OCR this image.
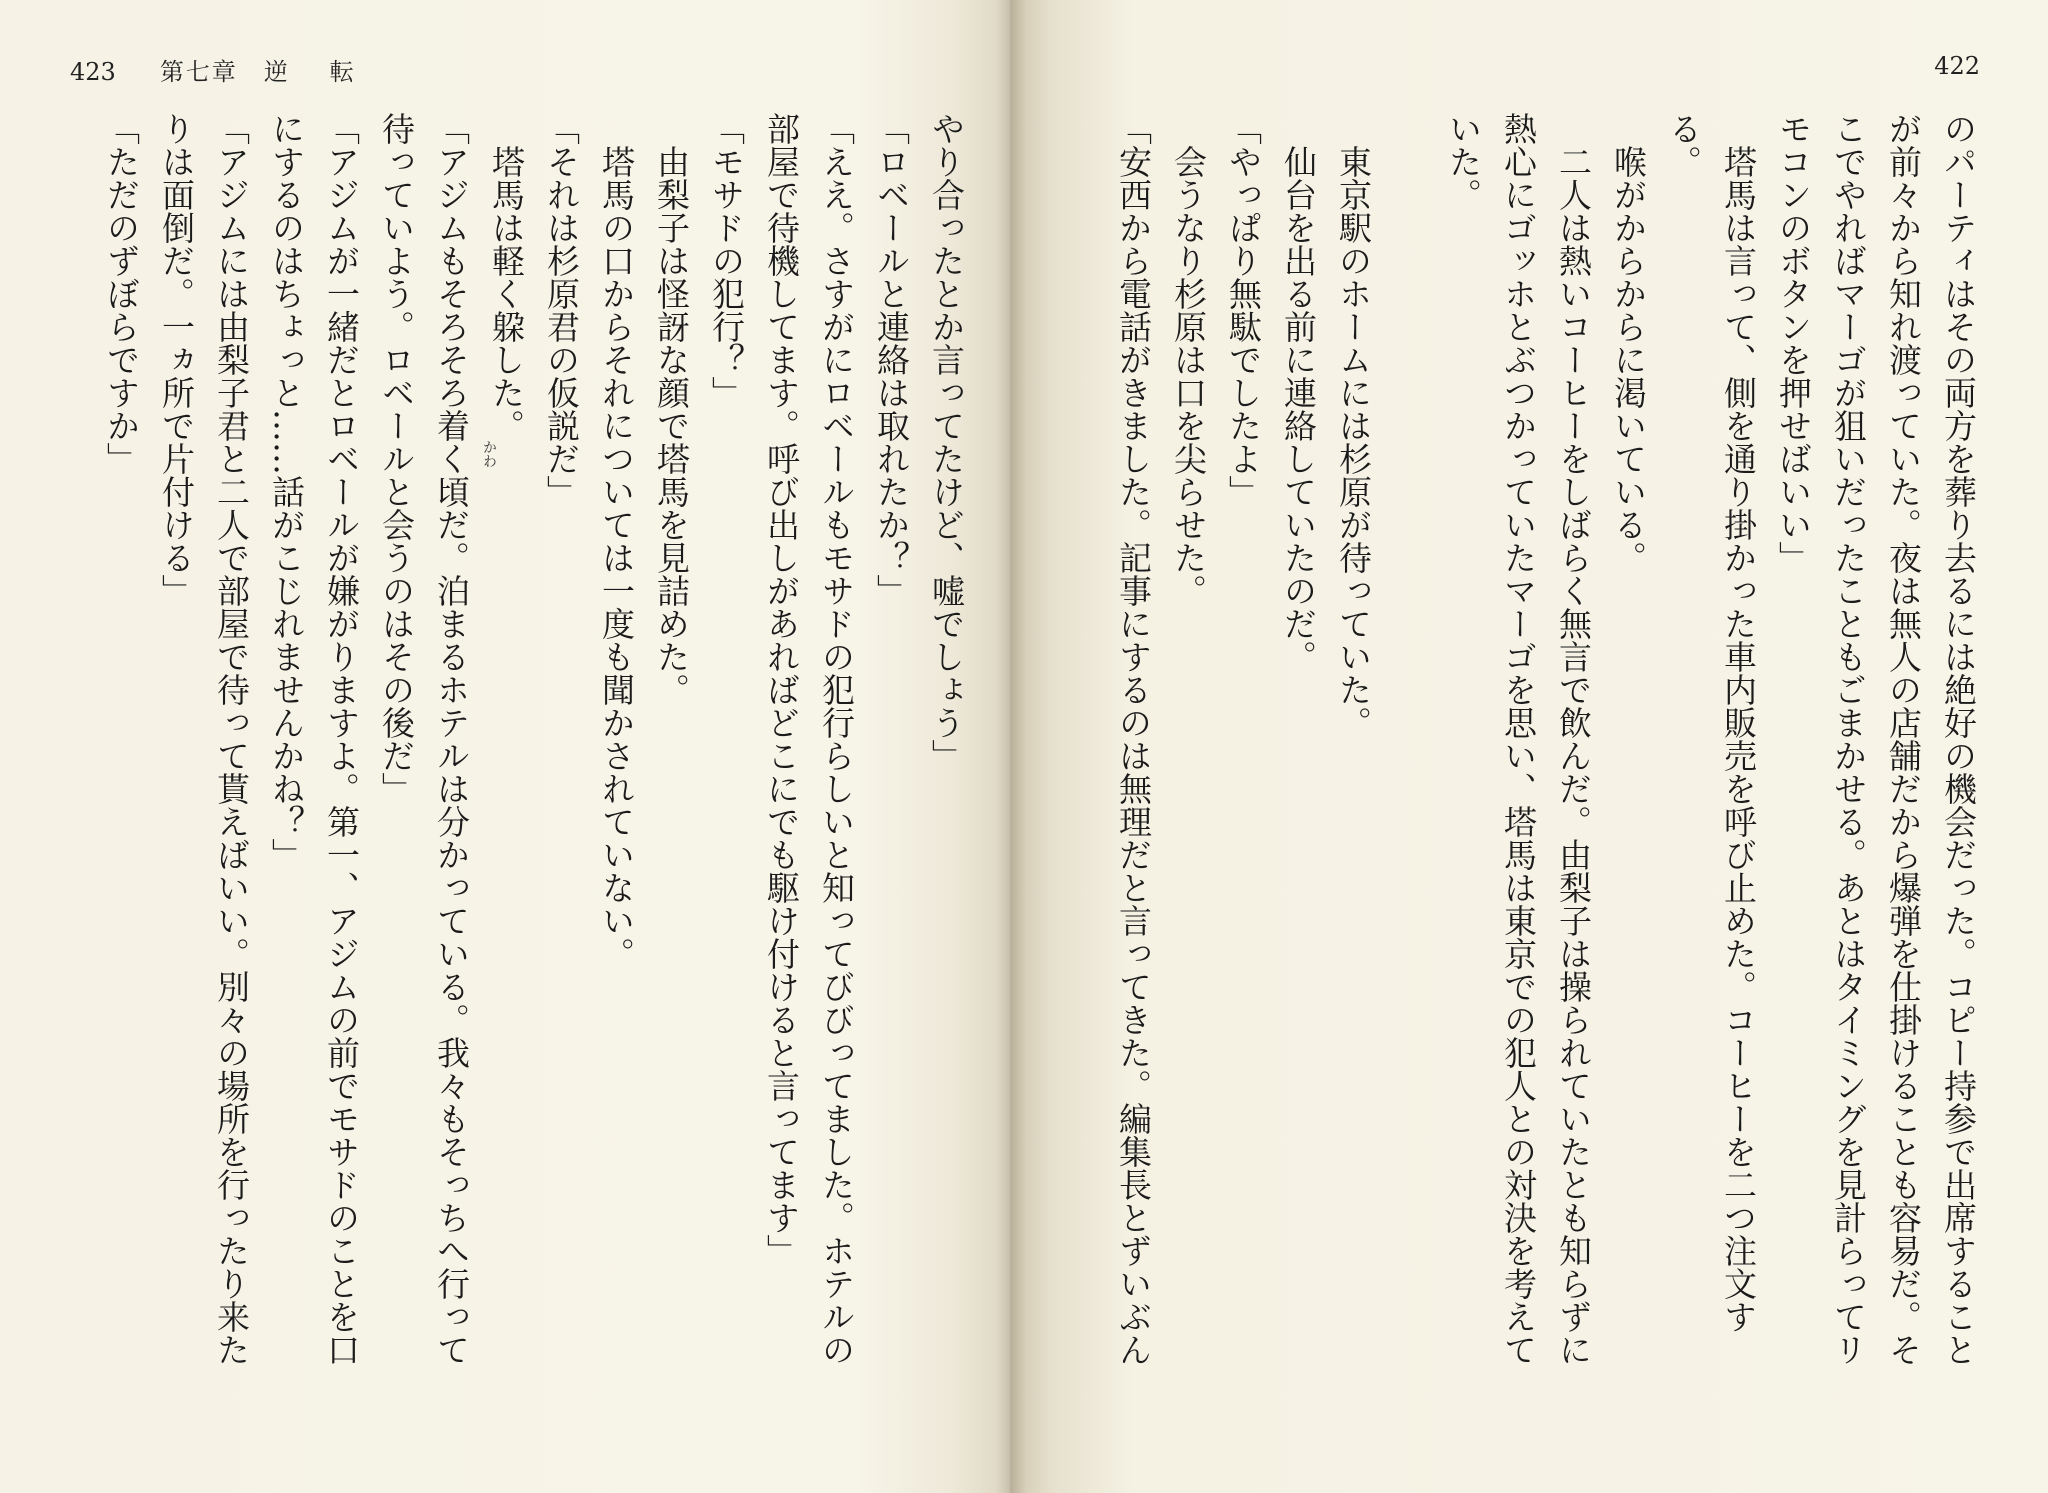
423 第七章 逆転
やり合ったとか言ってたけど、嘘でしょう」
「ロベールと連絡は取れたか？」
「ええ。さすがにロベールもモサドの犯行らしいと知ってびびってました。ホテルの
部屋で待機してます。呼び出しがあればどこにでも駆け付けると言ってます」
「モサドの犯行？」
　由梨子は怪訝な顔で塔馬を見詰めた。
　塔馬の口からそれについては一度も聞かされていない。
「それは杉原君の仮説だ」
　塔馬は軽く躱した。
「アジムもそろそろ着く頃だ。泊まるホテルは分かっている。我々もそっちへ行って
待っていよう。ロベールと会うのはその後だ」
「アジムが一緒だとロベールが嫌がりますよ。第一、アジムの前でモサドのことを口
にするのはちょっと……話がこじれませんかね？」
「アジムには由梨子君と二人で部屋で待って貰えばいい。別々の場所を行ったり来た
りは面倒だ。一ヵ所で片付ける」
「ただのずぼらですか」	かわ
422
のパーティはその両方を葬り去るには絶好の機会だった。コピー持参で出席すること
が前々から知れ渡っていた。夜は無人の店舗だから爆弾を仕掛けることも容易だ。そ
こでやればマーゴが狙いだったこともごまかせる。あとはタイミングを見計らってリ
モコンのボタンを押せばいい」
　塔馬は言って、側を通り掛かった車内販売を呼び止めた。コーヒーを二つ注文す
る。
　喉がからからに渇いている。
　二人は熱いコーヒーをしばらく無言で飲んだ。由梨子は操られていたとも知らずに
熱心にゴッホとぶつかっていたマーゴを思い、塔馬は東京での犯人との対決を考えて
いた。
　東京駅のホームには杉原が待っていた。
　仙台を出る前に連絡していたのだ。
「やっぱり無駄でしたよ」
　会うなり杉原は口を尖らせた。
「安西から電話がきました。記事にするのは無理だと言ってきた。編集長とずいぶん
